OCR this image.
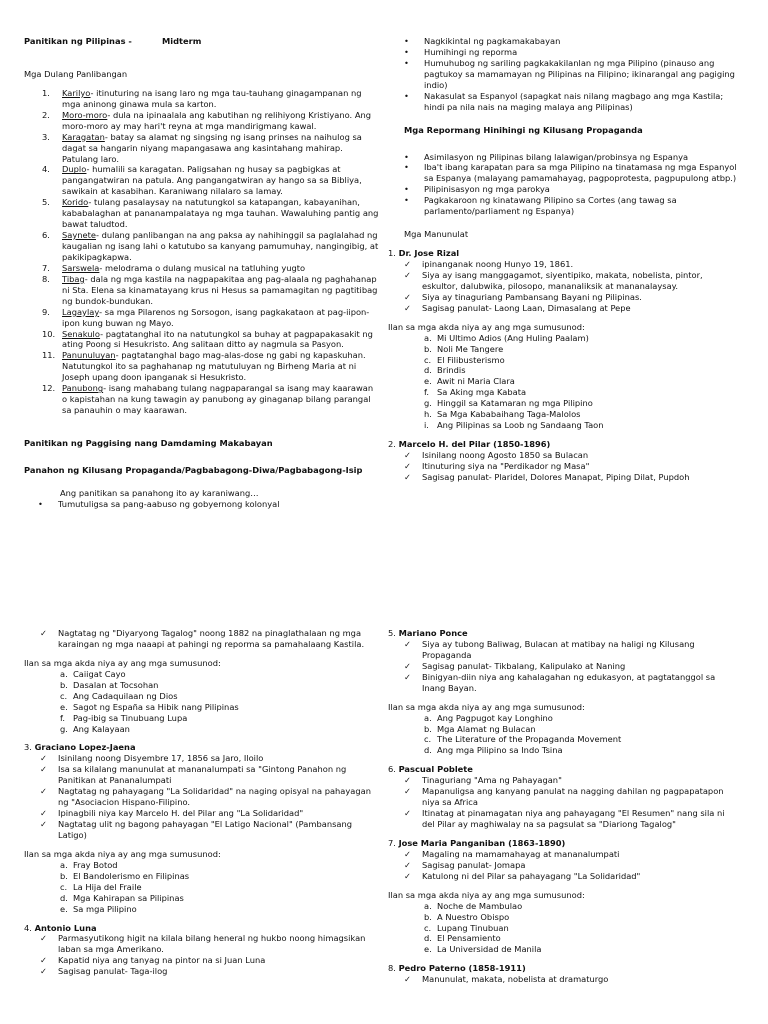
Panitikan ng Pilipinas -	Midterm

Mga Dulang Panlibangan

1.	Karilyo- itinuturing na isang laro ng mga tau-tauhang ginagampanan ng mga aninong ginawa mula sa karton.
2.	Moro-moro- dula na ipinaalala ang kabutihan ng relihiyong Kristiyano. Ang moro-moro ay may hari't reyna at mga mandirigmang kawal.
3.	Karagatan- batay sa alamat ng singsing ng isang prinses na naihulog sa dagat sa hangarin niyang mapangasawa ang kasintahang mahirap. Patulang laro.
4.	Duplo- humalili sa karagatan. Paligsahan ng husay sa pagbigkas at pangangatwiran na patula. Ang pangangatwiran ay hango sa sa Bibliya, sawikain at kasabihan. Karaniwang nilalaro sa lamay.
5.	Korido- tulang pasalaysay na natutungkol sa katapangan, kabayanihan, kababalaghan at pananampalataya ng mga tauhan. Wawaluhing pantig ang bawat taludtod.
6.	Saynete- dulang panlibangan na ang paksa ay nahihinggil sa paglalahad ng kaugalian ng isang lahi o katutubo sa kanyang pamumuhay, nangingibig, at pakikipagkapwa.
7.	Sarswela- melodrama o dulang musical na tatluhing yugto
8.	Tibag- dala ng mga kastila na nagpapakitaa ang pag-alaala ng paghahanap ni Sta. Elena sa kinamatayang krus ni Hesus sa pamamagitan ng pagtitibag ng bundok-bundukan.
9.	Lagaylay- sa mga Pilarenos ng Sorsogon, isang pagkakataon at pag-iipon-ipon kung buwan ng Mayo.
10. Senakulo- pagtatanghal ito na natutungkol sa buhay at pagpapakasakit ng ating Poong si Hesukristo. Ang salitaan ditto ay nagmula sa Pasyon.
11. Panunuluyan- pagtatanghal bago mag-alas-dose ng gabi ng kapaskuhan. Natutungkol ito sa paghahanap ng matutuluyan ng Birheng Maria at ni Joseph upang doon ipanganak si Hesukristo.
12. Panubong- isang mahabang tulang nagpaparangal sa isang may kaarawan o kapistahan na kung tawagin ay panubong ay ginaganap bilang parangal sa panauhin o may kaarawan.

Panitikan ng Paggising nang Damdaming Makabayan

Panahon ng Kilusang Propaganda/Pagbabagong-Diwa/Pagbabagong-Isip

Ang panitikan sa panahong ito ay karaniwang…

•	Tumutuligsa sa pang-aabuso ng gobyernong kolonyal
•	Nagkikintal ng pagkamakabayan
•	Humihingi ng reporma
•	Humuhubog ng sariling pagkakakilanlan ng mga Pilipino (pinauso ang pagtukoy sa mamamayan ng Pilipinas na Filipino; ikinarangal ang pagiging indio)
•	Nakasulat sa Espanyol (sapagkat nais nilang magbago ang mga Kastila; hindi pa nila nais na maging malaya ang Pilipinas)

Mga Repormang Hinihingi ng Kilusang Propaganda

•	Asimilasyon ng Pilipinas bilang lalawigan/probinsya ng Espanya
•	Iba't ibang karapatan para sa mga Pilipino na tinatamasa ng mga Espanyol sa Espanya (malayang pamamahayag, pagpoprotesta, pagpupulong atbp.)
•	Pilipinisasyon ng mga parokya
•	Pagkakaroon ng kinatawang Pilipino sa Cortes (ang tawag sa parlamento/parliament ng Espanya)

Mga Manunulat

1. Dr. Jose Rizal

✓	ipinanganak noong Hunyo 19, 1861.
✓	Siya ay isang manggagamot, siyentipiko, makata, nobelista, pintor, eskultor, dalubwika, pilosopo, mananaliksik at mananalaysay.
✓	Siya ay tinaguriang Pambansang Bayani ng Pilipinas.
✓	Sagisag panulat- Laong Laan, Dimasalang at Pepe

Ilan sa mga akda niya ay ang mga sumusunod:

a. Mi Ultimo Adios (Ang Huling Paalam)
b. Noli Me Tangere
c. El Filibusterismo
d. Brindis
e. Awit ni Maria Clara
f. Sa Aking mga Kabata
g. Hinggil sa Katamaran ng mga Pilipino
h. Sa Mga Kababaihang Taga-Malolos
i. Ang Pilipinas sa Loob ng Sandaang Taon

2. Marcelo H. del Pilar (1850-1896)

✓	Isinilang noong Agosto 1850 sa Bulacan
✓	Itinuturing siya na "Perdikador ng Masa"
✓	Sagisag panulat- Plaridel, Dolores Manapat, Piping Dilat, Pupdoh
✓	Nagtatag ng "Diyaryong Tagalog" noong 1882 na pinaglathalaan ng mga karaingan ng mga naaapi at pahingi ng reporma sa pamahalaang Kastila.

Ilan sa mga akda niya ay ang mga sumusunod:

a. Caiigat Cayo
b. Dasalan at Tocsohan
c. Ang Cadaquilaan ng Dios
e. Sagot ng España sa Hibik nang Pilipinas
f. Pag-ibig sa Tinubuang Lupa
g. Ang Kalayaan

3. Graciano Lopez-Jaena

✓	Isinilang noong Disyembre 17, 1856 sa Jaro, Iloilo
✓	Isa sa kilalang manunulat at mananalumpati sa "Gintong Panahon ng Panitikan at Pananalumpati
✓	Nagtatag ng pahayagang "La Solidaridad" na naging opisyal na pahayagan ng "Asociacion Hispano-Filipino.
✓	Ipinagbili niya kay Marcelo H. del Pilar ang "La Solidaridad"
✓	Nagtatag ulit ng bagong pahayagan "El Latigo Nacional" (Pambansang Latigo)

Ilan sa mga akda niya ay ang mga sumusunod:

a. Fray Botod
b. El Bandolerismo en Filipinas
c. La Hija del Fraile
d. Mga Kahirapan sa Pilipinas
e. Sa mga Pilipino

4. Antonio Luna

✓	Parmasyutikong higit na kilala bilang heneral ng hukbo noong himagsikan laban sa mga Amerikano.
✓	Kapatid niya ang tanyag na pintor na si Juan Luna
✓	Sagisag panulat- Taga-ilog

5. Mariano Ponce

✓	Siya ay tubong Baliwag, Bulacan at matibay na haligi ng Kilusang Propaganda
✓	Sagisag panulat- Tikbalang, Kalipulako at Naning
✓	Binigyan-diin niya ang kahalagahan ng edukasyon, at pagtatanggol sa Inang Bayan.

Ilan sa mga akda niya ay ang mga sumusunod:

a. Ang Pagpugot kay Longhino
b. Mga Alamat ng Bulacan
c. The Literature of the Propaganda Movement
d. Ang mga Pilipino sa Indo Tsina

6. Pascual Poblete

✓	Tinaguriang "Ama ng Pahayagan"
✓	Mapanuligsa ang kanyang panulat na nagging dahilan ng pagpapatapon niya sa Africa
✓	Itinatag at pinamagatan niya ang pahayagang "El Resumen" nang sila ni del Pilar ay maghiwalay na sa pagsulat sa "Diariong Tagalog"

7. Jose Maria Panganiban (1863-1890)

✓	Magaling na mamamahayag at mananalumpati
✓	Sagisag panulat- Jomapa
✓	Katulong ni del Pilar sa pahayagang "La Solidaridad"

Ilan sa mga akda niya ay ang mga sumusunod:

a. Noche de Mambulao
b. A Nuestro Obispo
c. Lupang Tinubuan
d. El Pensamiento
e. La Universidad de Manila

8. Pedro Paterno (1858-1911)

✓	Manunulat, makata, nobelista at dramaturgo
